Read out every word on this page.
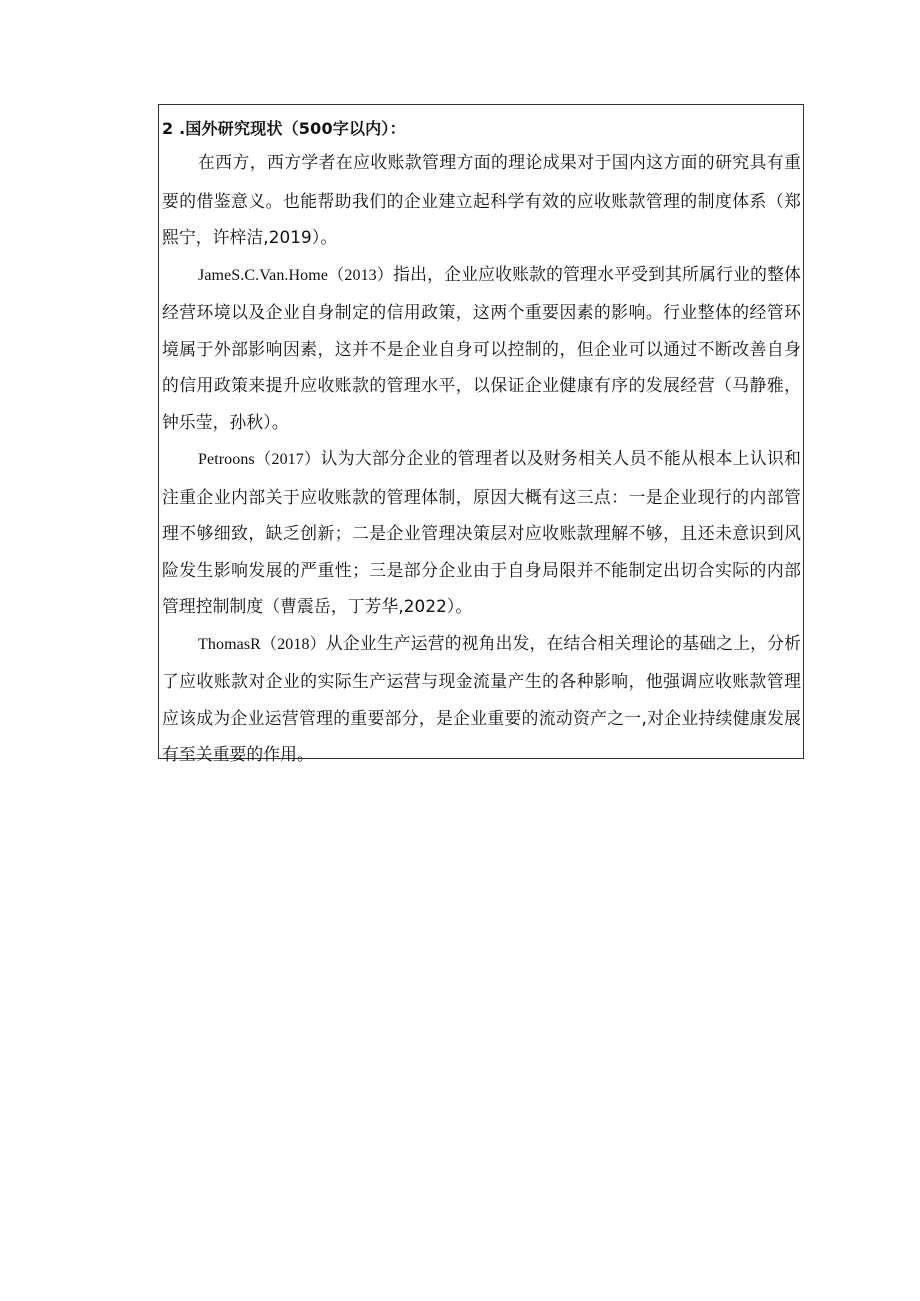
2 .国外研究现状（500字以内）：

在西方，西方学者在应收账款管理方面的理论成果对于国内这方面的研究具有重要的借鉴意义。也能帮助我们的企业建立起科学有效的应收账款管理的制度体系（郑熙宁，许梓洁,2019）。

JameS.C.Van.Home（2013）指出，企业应收账款的管理水平受到其所属行业的整体经营环境以及企业自身制定的信用政策，这两个重要因素的影响。行业整体的经管环境属于外部影响因素，这并不是企业自身可以控制的，但企业可以通过不断改善自身的信用政策来提升应收账款的管理水平，以保证企业健康有序的发展经营（马静雅，钟乐莹，孙秋）。

Petroons（2017）认为大部分企业的管理者以及财务相关人员不能从根本上认识和注重企业内部关于应收账款的管理体制，原因大概有这三点：一是企业现行的内部管理不够细致，缺乏创新；二是企业管理决策层对应收账款理解不够，且还未意识到风险发生影响发展的严重性；三是部分企业由于自身局限并不能制定出切合实际的内部管理控制制度（曹震岳，丁芳华,2022）。

ThomasR（2018）从企业生产运营的视角出发，在结合相关理论的基础之上，分析了应收账款对企业的实际生产运营与现金流量产生的各种影响，他强调应收账款管理应该成为企业运营管理的重要部分，是企业重要的流动资产之一,对企业持续健康发展有至关重要的作用。
